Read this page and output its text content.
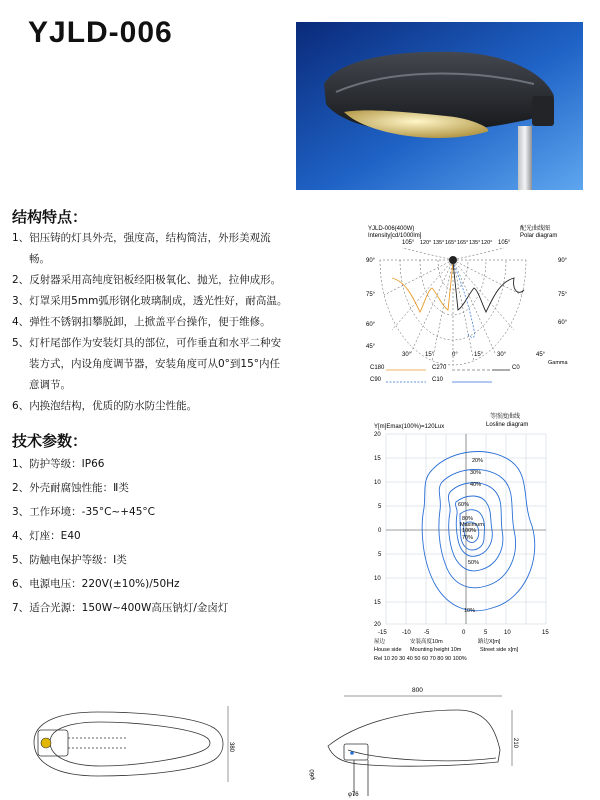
YJLD-006
结构特点：
1、铝压铸的灯具外壳，强度高，结构简洁，外形美观流
畅。
2、反射器采用高纯度铝板经阳极氧化、抛光，拉伸成形。
3、灯罩采用5mm弧形钢化玻璃制成，透光性好，耐高温。
4、弹性不锈钢扣攀脱卸，上掀盖平台操作，便于维修。
5、灯杆尾部作为安装灯具的部位，可作垂直和水平二种安
装方式，内设角度调节器，安装角度可从0°到15°内任
意调节。
6、内换泡结构，优质的防水防尘性能。
技术参数：
1、防护等级：IP66
2、外壳耐腐蚀性能：Ⅱ类
3、工作环境：-35°C~+45°C
4、灯座：E40
5、防触电保护等级：Ⅰ类
6、电源电压：220V(±10%)/50Hz
7、适合光源：150W~400W高压钠灯/金卤灯
YJLD-006(400W)
Intensity[cd/1000lm]
配光曲线图
Polar diagram
105° 120° 135° 165° 165° 135° 120° 105°
90°
75°
60°
45°
90°
75°
60°
30° 15°	0°	15° 30°	45°
Gamma
C180	C270	C0
C90	C10
等照度曲线
Losline diagram
Y[m]Emax(100%)=120Lux
20%
30%
40%
60%
80%
Maximum
100%
70%
50%
10%
20
15
10
5
0
5
10
15
20
-15	-10 -5	0	5	10	15
屋边	安装高度10m	路边X[m]
House side Mounting height 10m	Street side x[m]
Rel 10 20 30 40 50 60 70 80 90 100%
380
800
210
φ60
φ76
